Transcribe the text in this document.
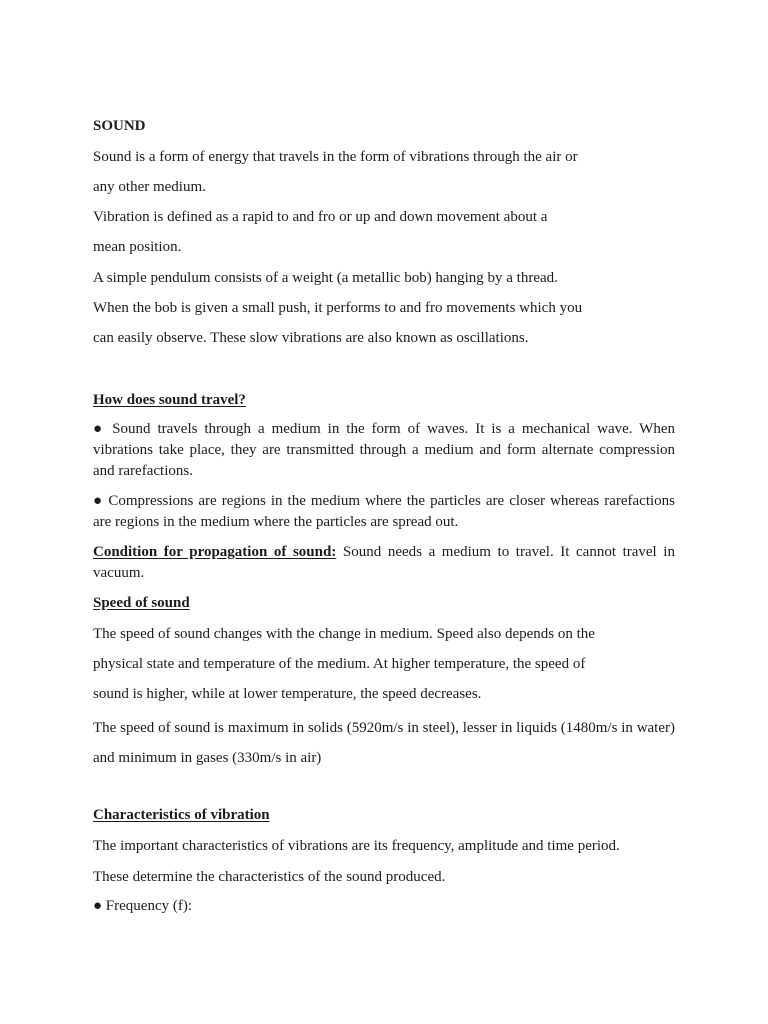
SOUND
Sound is a form of energy that travels in the form of vibrations through the air or
any other medium.
Vibration is defined as a rapid to and fro or up and down movement about a
mean position.
A simple pendulum consists of a weight (a metallic bob) hanging by a thread.
When the bob is given a small push, it performs to and fro movements which you
can easily observe. These slow vibrations are also known as oscillations.
How does sound travel?
● Sound travels through a medium in the form of waves. It is a mechanical wave. When vibrations take place, they are transmitted through a medium and form alternate compression and rarefactions.
● Compressions are regions in the medium where the particles are closer whereas rarefactions are regions in the medium where the particles are spread out.
Condition for propagation of sound: Sound needs a medium to travel. It cannot travel in vacuum.
Speed of sound
The speed of sound changes with the change in medium. Speed also depends on the
physical state and temperature of the medium. At higher temperature, the speed of
sound is higher, while at lower temperature, the speed decreases.
The speed of sound is maximum in solids (5920m/s in steel), lesser in liquids (1480m/s in water) and minimum in gases (330m/s in air)
Characteristics of vibration
The important characteristics of vibrations are its frequency, amplitude and time period.
These determine the characteristics of the sound produced.
● Frequency (f):
